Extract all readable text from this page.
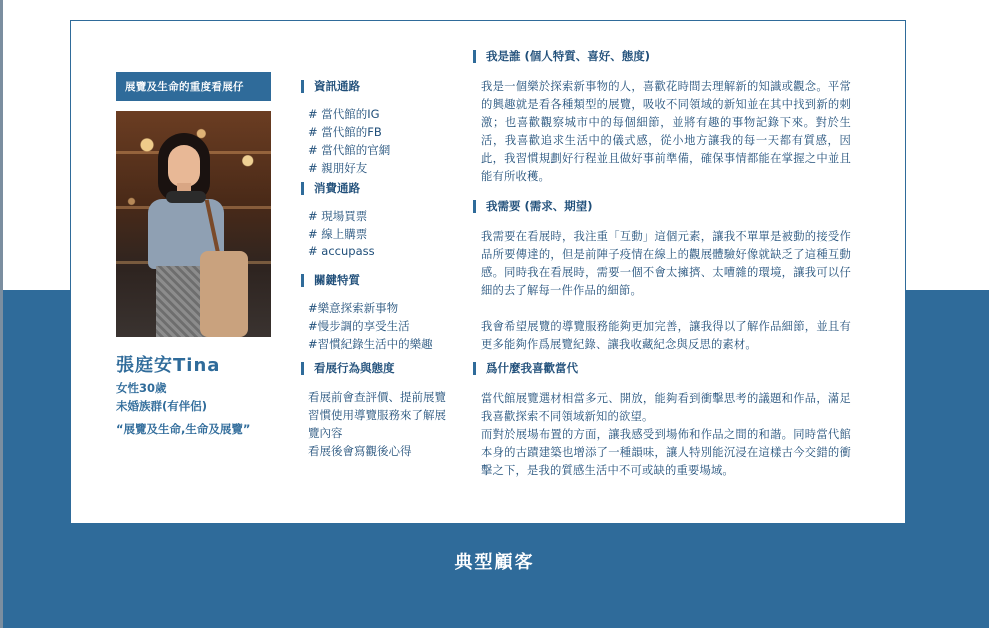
展覽及生命的重度看展仔
張庭安Tina
女性30歲
未婚族群(有伴侶)
“展覽及生命,生命及展覽”
資訊通路
# 當代館的IG
# 當代館的FB
# 當代館的官網
# 親朋好友
消費通路
# 現場買票
# 線上購票
# accupass
關鍵特質
#樂意探索新事物
#慢步調的享受生活
#習慣紀錄生活中的樂趣
看展行為與態度
看展前會查評價、提前展覽
習慣使用導覽服務來了解展
覽內容
看展後會寫觀後心得
我是誰 (個人特質、喜好、態度)
我是一個樂於探索新事物的人，喜歡花時間去理解新的知識或觀念。平常的興趣就是看各種類型的展覽，吸收不同領域的新知並在其中找到新的刺激；也喜歡觀察城市中的每個細節，並將有趣的事物記錄下來。對於生活，我喜歡追求生活中的儀式感，從小地方讓我的每一天都有質感，因此，我習慣規劃好行程並且做好事前準備，確保事情都能在掌握之中並且能有所收穫。
我需要 (需求、期望)
我需要在看展時，我注重「互動」這個元素，讓我不單單是被動的接受作品所要傳達的，但是前陣子疫情在線上的觀展體驗好像就缺乏了這種互動感。同時我在看展時，需要一個不會太擁擠、太嘈雜的環境，讓我可以仔細的去了解每一件作品的細節。
我會希望展覽的導覽服務能夠更加完善，讓我得以了解作品細節，並且有更多能夠作爲展覽紀錄、讓我收藏紀念與反思的素材。
爲什麼我喜歡當代
當代館展覽選材相當多元、開放，能夠看到衝擊思考的議題和作品，滿足我喜歡探索不同領域新知的欲望。
而對於展場布置的方面，讓我感受到場佈和作品之間的和諧。同時當代館本身的古蹟建築也增添了一種韻味，讓人特別能沉浸在這樣古今交錯的衝擊之下，是我的質感生活中不可或缺的重要場域。
典型顧客
